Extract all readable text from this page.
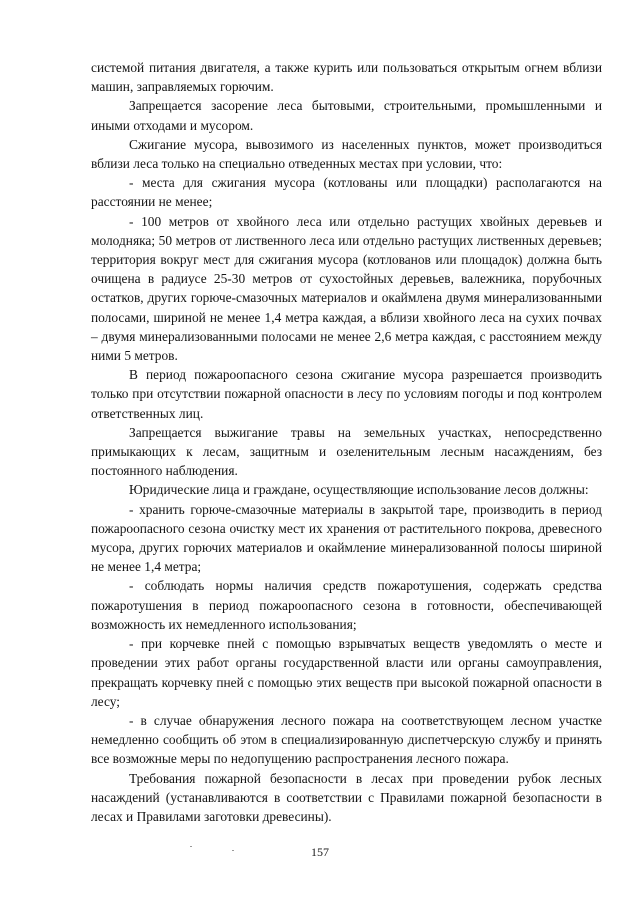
системой питания двигателя, а также курить или пользоваться открытым огнем вблизи машин, заправляемых горючим.

Запрещается засорение леса бытовыми, строительными, промышленными и иными отходами и мусором.

Сжигание мусора, вывозимого из населенных пунктов, может производиться вблизи леса только на специально отведенных местах при условии, что:

- места для сжигания мусора (котлованы или площадки) располагаются на расстоянии не менее;

- 100 метров от хвойного леса или отдельно растущих хвойных деревьев и молодняка; 50 метров от лиственного леса или отдельно растущих лиственных деревьев; территория вокруг мест для сжигания мусора (котлованов или площадок) должна быть очищена в радиусе 25-30 метров от сухостойных деревьев, валежника, порубочных остатков, других горюче-смазочных материалов и окаймлена двумя минерализованными полосами, шириной не менее 1,4 метра каждая, а вблизи хвойного леса на сухих почвах – двумя минерализованными полосами не менее 2,6 метра каждая, с расстоянием между ними 5 метров.

В период пожароопасного сезона сжигание мусора разрешается производить только при отсутствии пожарной опасности в лесу по условиям погоды и под контролем ответственных лиц.

Запрещается выжигание травы на земельных участках, непосредственно примыкающих к лесам, защитным и озеленительным лесным насаждениям, без постоянного наблюдения.

Юридические лица и граждане, осуществляющие использование лесов должны:

- хранить горюче-смазочные материалы в закрытой таре, производить в период пожароопасного сезона очистку мест их хранения от растительного покрова, древесного мусора, других горючих материалов и окаймление минерализованной полосы шириной не менее 1,4 метра;

- соблюдать нормы наличия средств пожаротушения, содержать средства пожаротушения в период пожароопасного сезона в готовности, обеспечивающей возможность их немедленного использования;

- при корчевке пней с помощью взрывчатых веществ уведомлять о месте и проведении этих работ органы государственной власти или органы самоуправления, прекращать корчевку пней с помощью этих веществ при высокой пожарной опасности в лесу;

- в случае обнаружения лесного пожара на соответствующем лесном участке немедленно сообщить об этом в специализированную диспетчерскую службу и принять все возможные меры по недопущению распространения лесного пожара.

Требования пожарной безопасности в лесах при проведении рубок лесных насаждений (устанавливаются в соответствии с Правилами пожарной безопасности в лесах и Правилами заготовки древесины).

157
